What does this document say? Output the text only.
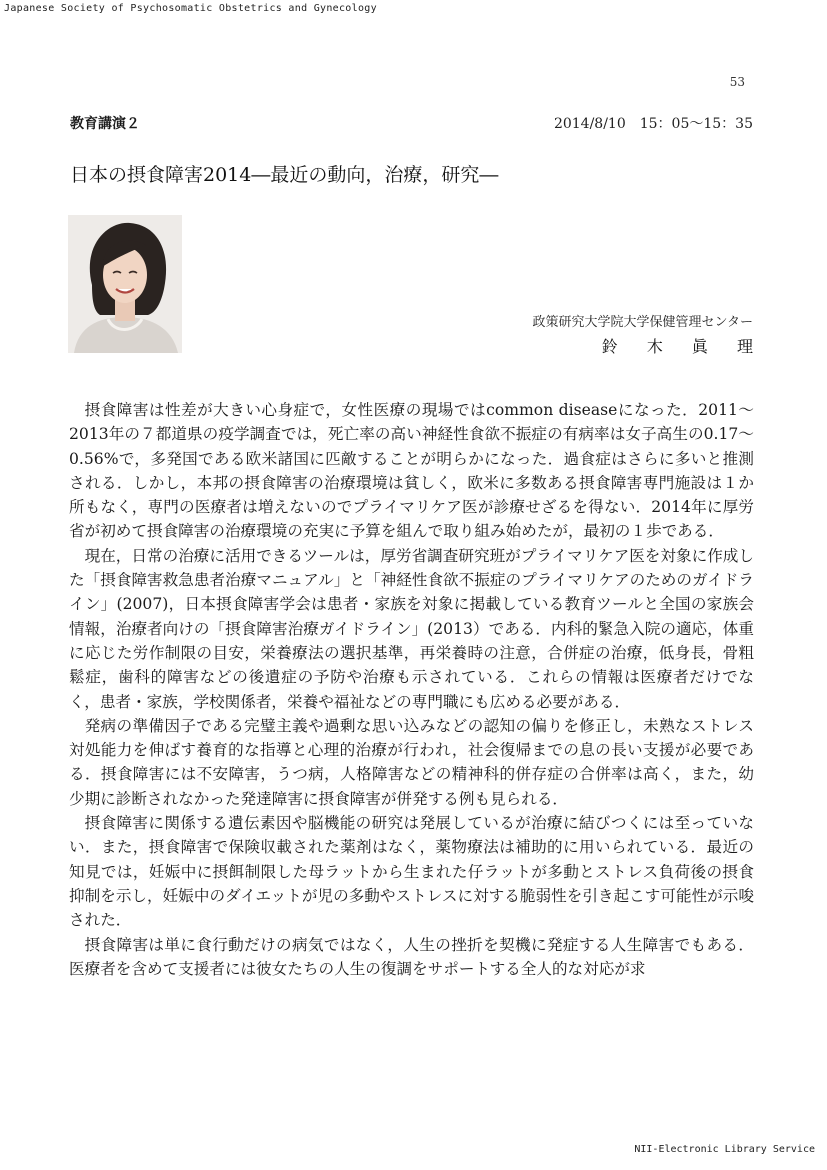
Japanese Society of Psychosomatic Obstetrics and Gynecology
53
教育講演２	2014/8/10　15：05〜15：35
日本の摂食障害2014―最近の動向，治療，研究―
政策研究大学院大学保健管理センター
鈴 木 眞 理

摂食障害は性差が大きい心身症で，女性医療の現場ではcommon diseaseになった．2011〜2013年の７都道県の疫学調査では，死亡率の高い神経性食欲不振症の有病率は女子高生の0.17〜0.56%で，多発国である欧米諸国に匹敵することが明らかになった．過食症はさらに多いと推測される．しかし，本邦の摂食障害の治療環境は貧しく，欧米に多数ある摂食障害専門施設は１か所もなく，専門の医療者は増えないのでプライマリケア医が診療せざるを得ない．2014年に厚労省が初めて摂食障害の治療環境の充実に予算を組んで取り組み始めたが，最初の１歩である．

現在，日常の治療に活用できるツールは，厚労省調査研究班がプライマリケア医を対象に作成した「摂食障害救急患者治療マニュアル」と「神経性食欲不振症のプライマリケアのためのガイドライン」(2007)，日本摂食障害学会は患者・家族を対象に掲載している教育ツールと全国の家族会情報，治療者向けの「摂食障害治療ガイドライン」(2013）である．内科的緊急入院の適応，体重に応じた労作制限の目安，栄養療法の選択基準，再栄養時の注意，合併症の治療，低身長，骨粗鬆症，歯科的障害などの後遺症の予防や治療も示されている．これらの情報は医療者だけでなく，患者・家族，学校関係者，栄養や福祉などの専門職にも広める必要がある．

発病の準備因子である完璧主義や過剰な思い込みなどの認知の偏りを修正し，未熟なストレス対処能力を伸ばす養育的な指導と心理的治療が行われ，社会復帰までの息の長い支援が必要である．摂食障害には不安障害，うつ病，人格障害などの精神科的併存症の合併率は高く，また，幼少期に診断されなかった発達障害に摂食障害が併発する例も見られる．

摂食障害に関係する遺伝素因や脳機能の研究は発展しているが治療に結びつくには至っていない．また，摂食障害で保険収載された薬剤はなく，薬物療法は補助的に用いられている．最近の知見では，妊娠中に摂餌制限した母ラットから生まれた仔ラットが多動とストレス負荷後の摂食抑制を示し，妊娠中のダイエットが児の多動やストレスに対する脆弱性を引き起こす可能性が示唆された．

摂食障害は単に食行動だけの病気ではなく，人生の挫折を契機に発症する人生障害でもある．医療者を含めて支援者には彼女たちの人生の復調をサポートする全人的な対応が求

NII-Electronic Library Service
